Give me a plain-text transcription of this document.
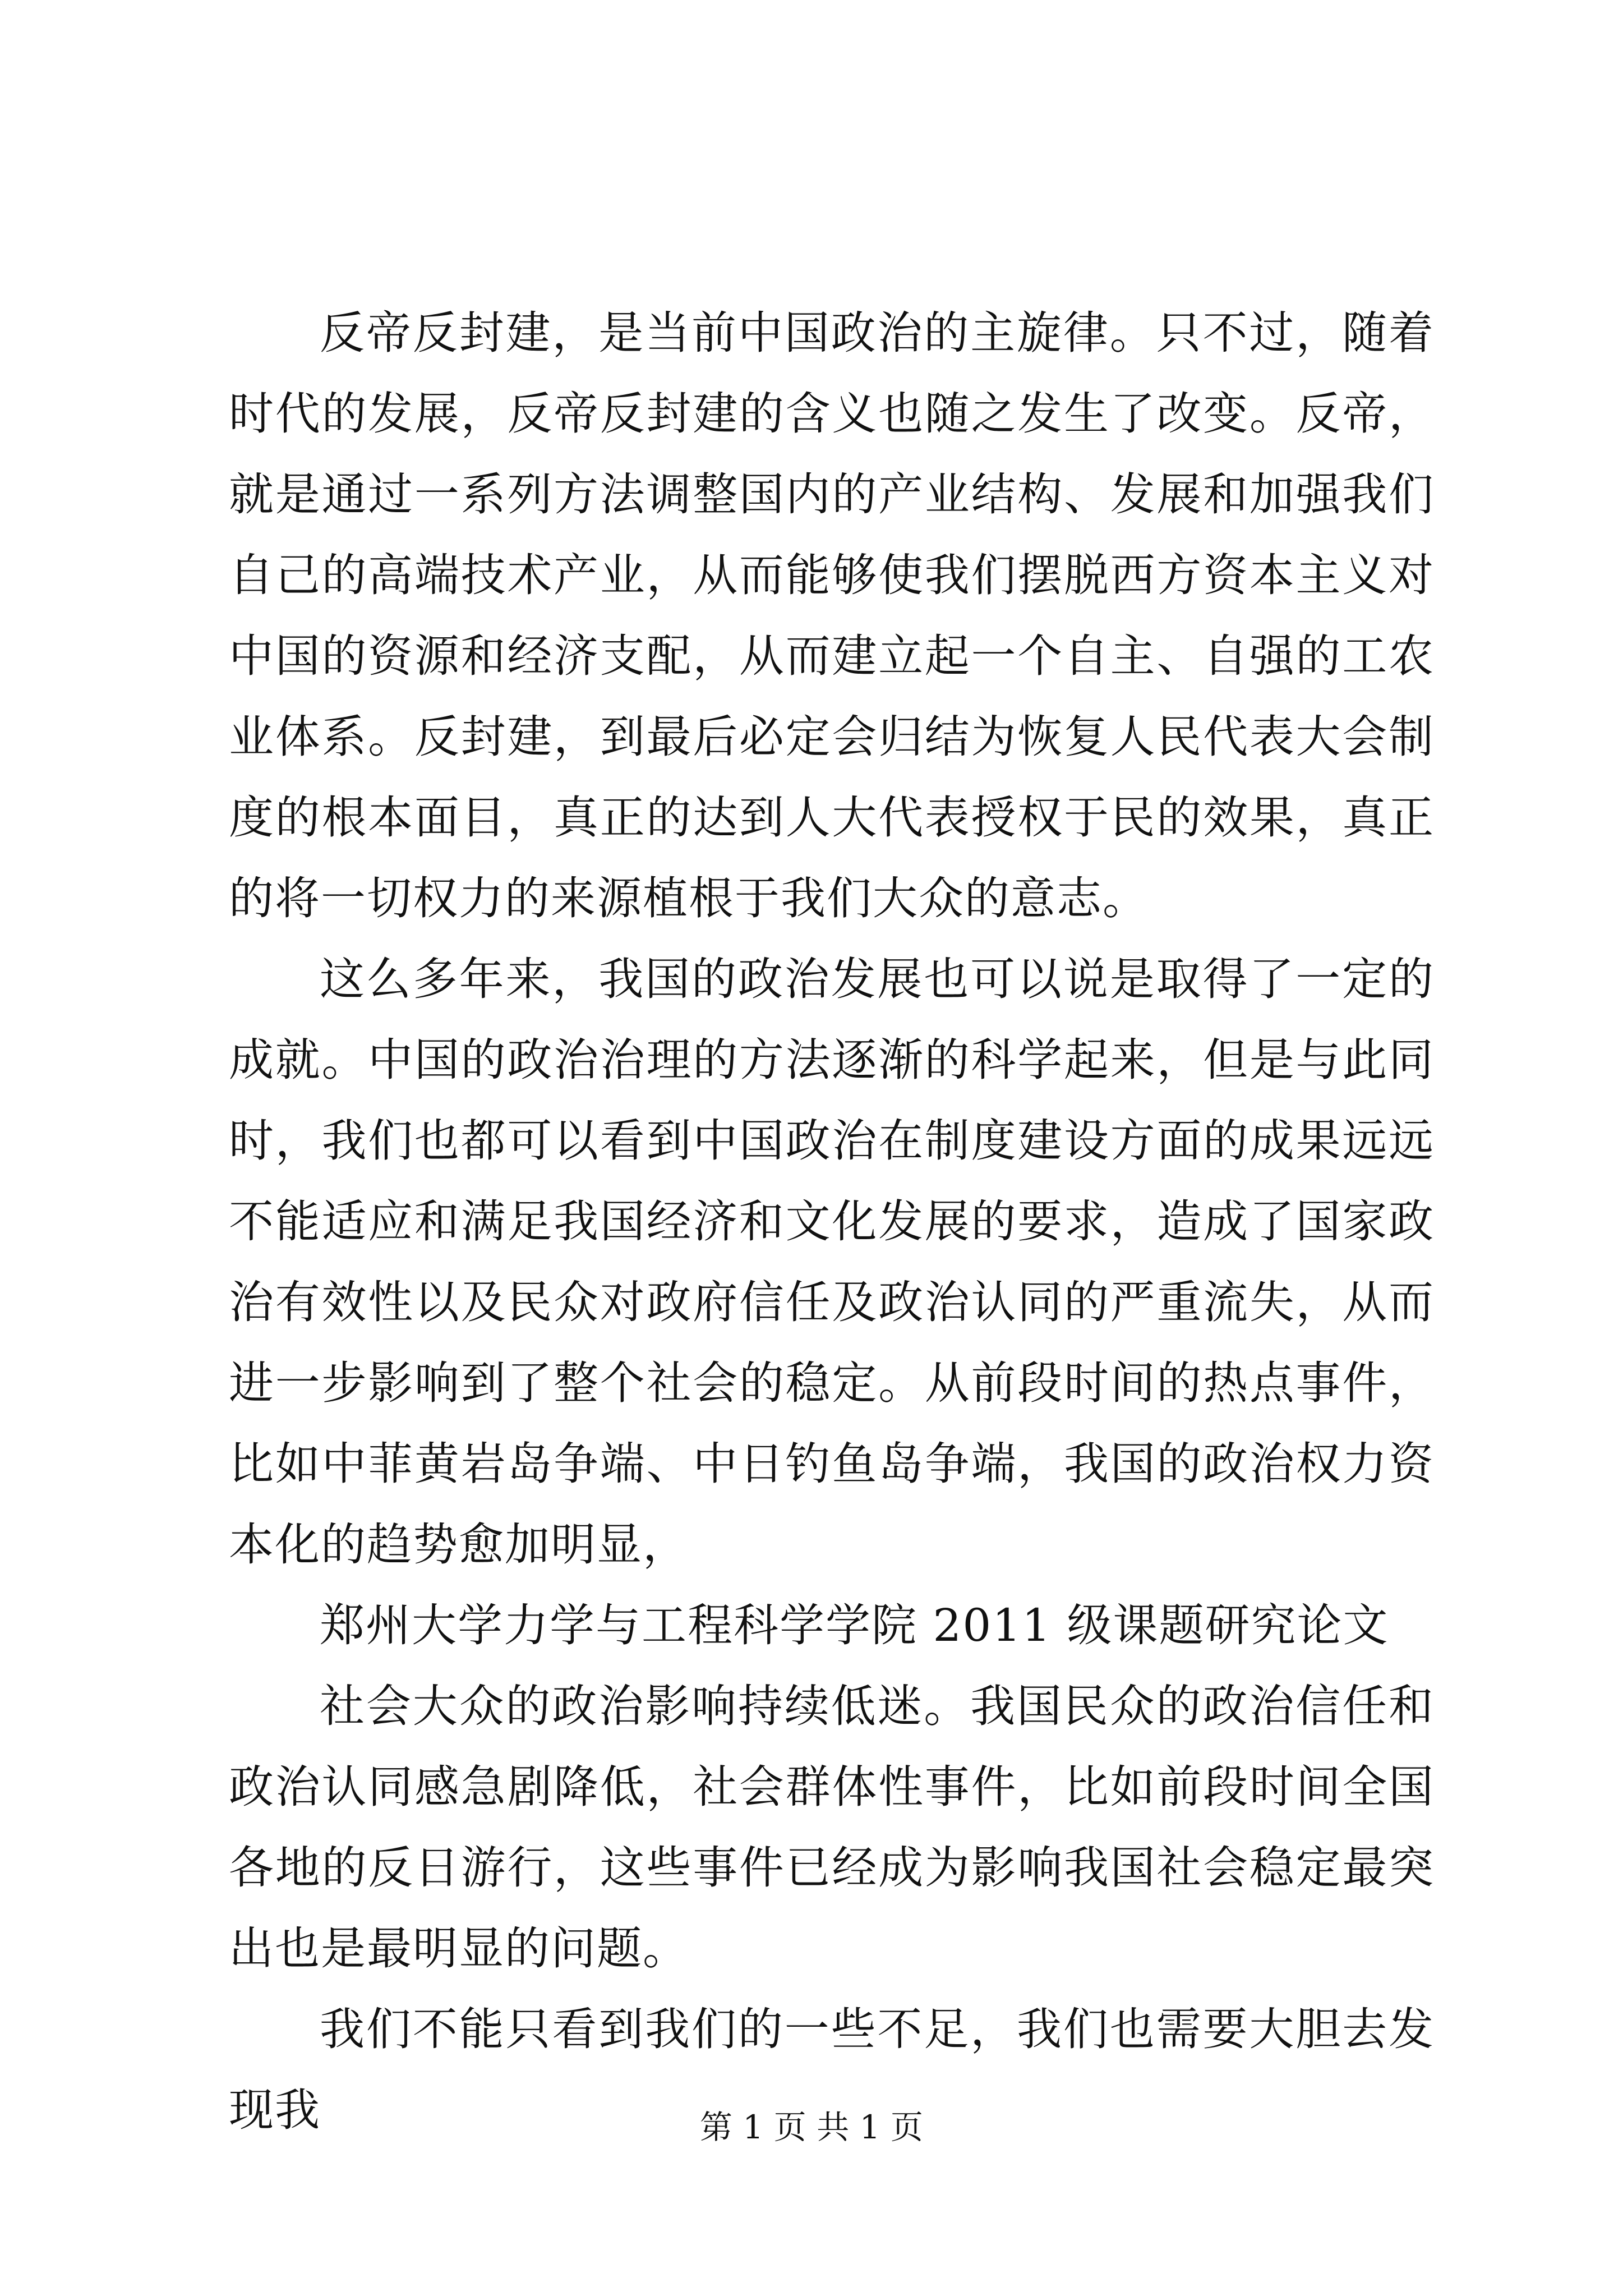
反帝反封建，是当前中国政治的主旋律。只不过，随着时代的发展，反帝反封建的含义也随之发生了改变。反帝，就是通过一系列方法调整国内的产业结构、发展和加强我们自己的高端技术产业，从而能够使我们摆脱西方资本主义对中国的资源和经济支配，从而建立起一个自主、自强的工农业体系。反封建，到最后必定会归结为恢复人民代表大会制度的根本面目，真正的达到人大代表授权于民的效果，真正的将一切权力的来源植根于我们大众的意志。

这么多年来，我国的政治发展也可以说是取得了一定的成就。中国的政治治理的方法逐渐的科学起来，但是与此同时，我们也都可以看到中国政治在制度建设方面的成果远远不能适应和满足我国经济和文化发展的要求，造成了国家政治有效性以及民众对政府信任及政治认同的严重流失，从而进一步影响到了整个社会的稳定。从前段时间的热点事件，比如中菲黄岩岛争端、中日钓鱼岛争端，我国的政治权力资本化的趋势愈加明显，

郑州大学力学与工程科学学院 2011 级课题研究论文

社会大众的政治影响持续低迷。我国民众的政治信任和政治认同感急剧降低，社会群体性事件，比如前段时间全国各地的反日游行，这些事件已经成为影响我国社会稳定最突出也是最明显的问题。

我们不能只看到我们的一些不足，我们也需要大胆去发现我	第 1 页 共 1 页
